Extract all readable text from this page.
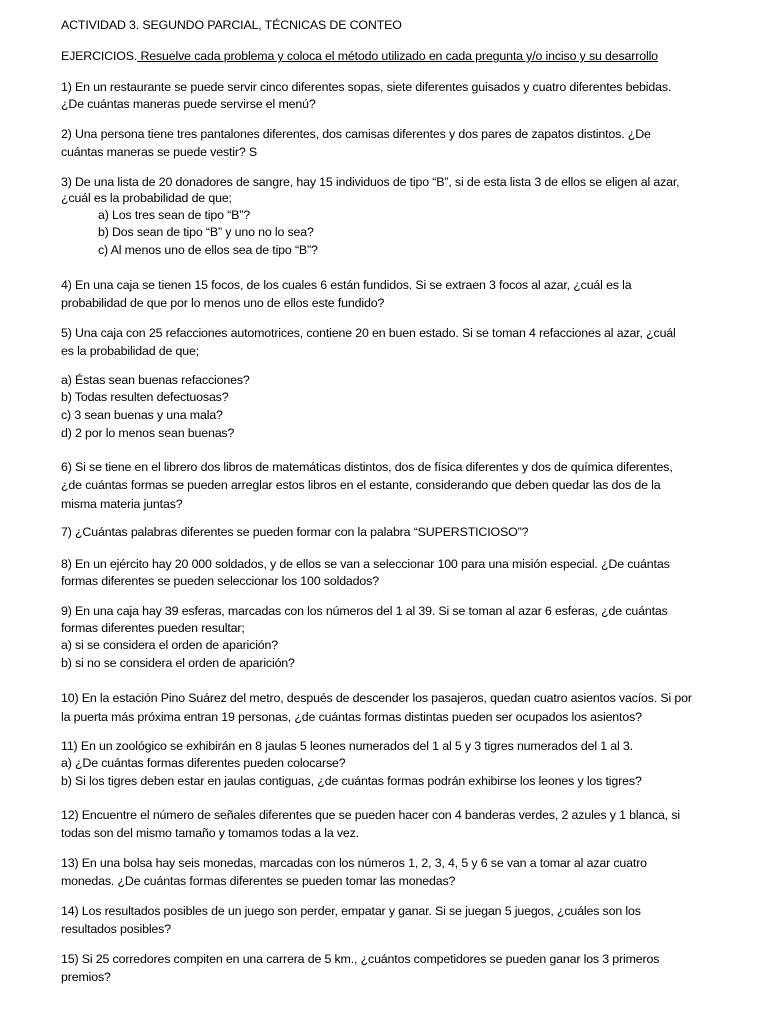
ACTIVIDAD 3. SEGUNDO PARCIAL, TÉCNICAS DE CONTEO
EJERCICIOS. Resuelve cada problema y coloca el método utilizado en cada pregunta y/o inciso y su desarrollo
1) En un restaurante se puede servir cinco diferentes sopas, siete diferentes guisados y cuatro diferentes bebidas.
¿De cuántas maneras puede servirse el menú?
2) Una persona tiene tres pantalones diferentes, dos camisas diferentes y dos pares de zapatos distintos. ¿De
cuántas maneras se puede vestir? S
3) De una lista de 20 donadores de sangre, hay 15 individuos de tipo “B”, si de esta lista 3 de ellos se eligen al azar,
¿cuál es la probabilidad de que;
a) Los tres sean de tipo “B”?
b) Dos sean de tipo “B” y uno no lo sea?
c) Al menos uno de ellos sea de tipo “B”?
4) En una caja se tienen 15 focos, de los cuales 6 están fundidos. Si se extraen 3 focos al azar, ¿cuál es la
probabilidad de que por lo menos uno de ellos este fundido?
5) Una caja con 25 refacciones automotrices, contiene 20 en buen estado. Si se toman 4 refacciones al azar, ¿cuál
es la probabilidad de que;
a) Éstas sean buenas refacciones?
b) Todas resulten defectuosas?
c) 3 sean buenas y una mala?
d) 2 por lo menos sean buenas?
6) Si se tiene en el librero dos libros de matemáticas distintos, dos de física diferentes y dos de química diferentes,
¿de cuántas formas se pueden arreglar estos libros en el estante, considerando que deben quedar las dos de la
misma materia juntas?
7) ¿Cuántas palabras diferentes se pueden formar con la palabra “SUPERSTICIOSO”?
8) En un ejército hay 20 000 soldados, y de ellos se van a seleccionar 100 para una misión especial. ¿De cuántas
formas diferentes se pueden seleccionar los 100 soldados?
9) En una caja hay 39 esferas, marcadas con los números del 1 al 39. Si se toman al azar 6 esferas, ¿de cuántas
formas diferentes pueden resultar;
a) si se considera el orden de aparición?
b) si no se considera el orden de aparición?
10) En la estación Pino Suárez del metro, después de descender los pasajeros, quedan cuatro asientos vacíos. Si por
la puerta más próxima entran 19 personas, ¿de cuántas formas distintas pueden ser ocupados los asientos?
11) En un zoológico se exhibirán en 8 jaulas 5 leones numerados del 1 al 5 y 3 tigres numerados del 1 al 3.
a) ¿De cuántas formas diferentes pueden colocarse?
b) Si los tigres deben estar en jaulas contiguas, ¿de cuántas formas podrán exhibirse los leones y los tigres?
12) Encuentre el número de señales diferentes que se pueden hacer con 4 banderas verdes, 2 azules y 1 blanca, si
todas son del mismo tamaño y tomamos todas a la vez.
13) En una bolsa hay seis monedas, marcadas con los números 1, 2, 3, 4, 5 y 6 se van a tomar al azar cuatro
monedas. ¿De cuántas formas diferentes se pueden tomar las monedas?
14) Los resultados posibles de un juego son perder, empatar y ganar. Si se juegan 5 juegos, ¿cuáles son los
resultados posibles?
15) Si 25 corredores compiten en una carrera de 5 km., ¿cuántos competidores se pueden ganar los 3 primeros
premios?
